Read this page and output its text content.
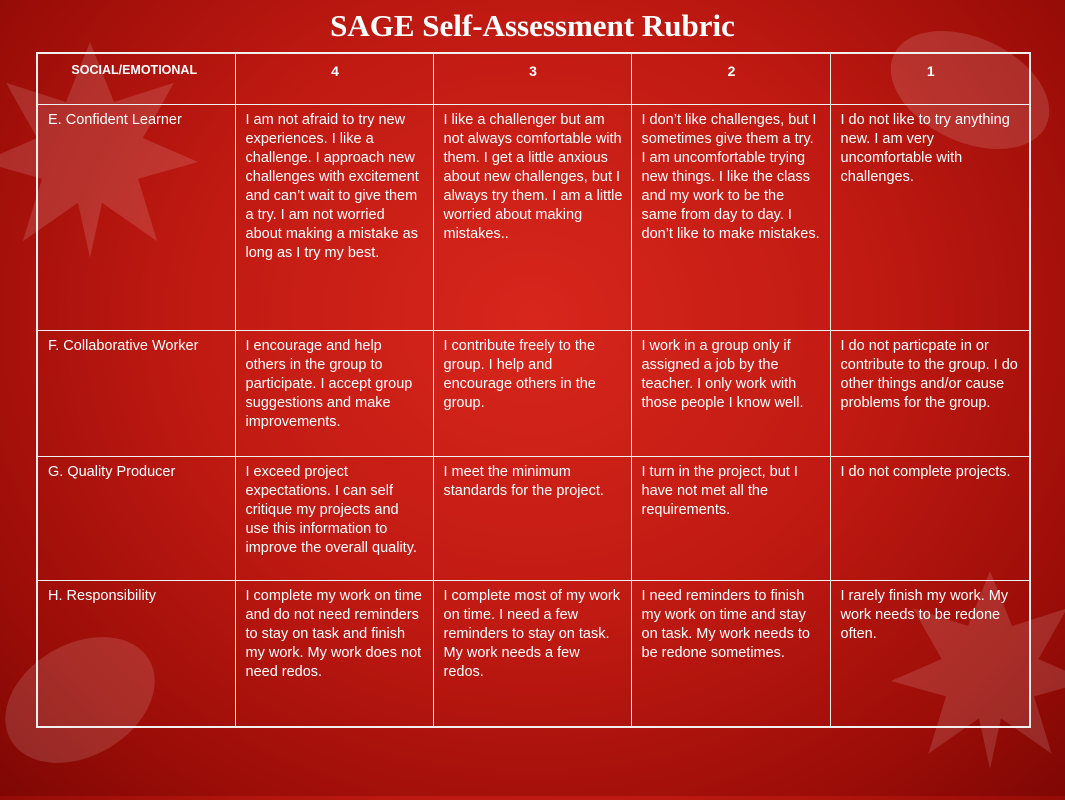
SAGE Self-Assessment Rubric
SOCIAL/EMOTIONAL	4	3	2	1
E. Confident Learner	I am not afraid to try new experiences. I like a challenge. I approach new challenges with excitement and can’t wait to give them a try. I am not worried about making a mistake as long as I try my best.	I like a challenger but am not always comfortable with them. I get a little anxious about new challenges, but I always try them. I am a little worried about making mistakes..	I don’t like challenges, but I sometimes give them a try. I am uncomfortable trying new things. I like the class and my work to be the same from day to day. I don’t like to make mistakes.	I do not like to try anything new. I am very uncomfortable with challenges.
F. Collaborative Worker	I encourage and help others in the group to participate. I accept group suggestions and make improvements.	I contribute freely to the group. I help and encourage others in the group.	I work in a group only if assigned a job by the teacher. I only work with those people I know well.	I do not particpate in or contribute to the group. I do other things and/or cause problems for the group.
G. Quality Producer	I exceed project expectations. I can self critique my projects and use this information to improve the overall quality.	I meet the minimum standards for the project.	I turn in the project, but I have not met all the requirements.	I do not complete projects.
H. Responsibility	I complete my work on time and do not need reminders to stay on task and finish my work. My work does not need redos.	I complete most of my work on time. I need a few reminders to stay on task. My work needs a few redos.	I need reminders to finish my work on time and stay on task. My work needs to be redone sometimes.	I rarely finish my work. My work needs to be redone often.
